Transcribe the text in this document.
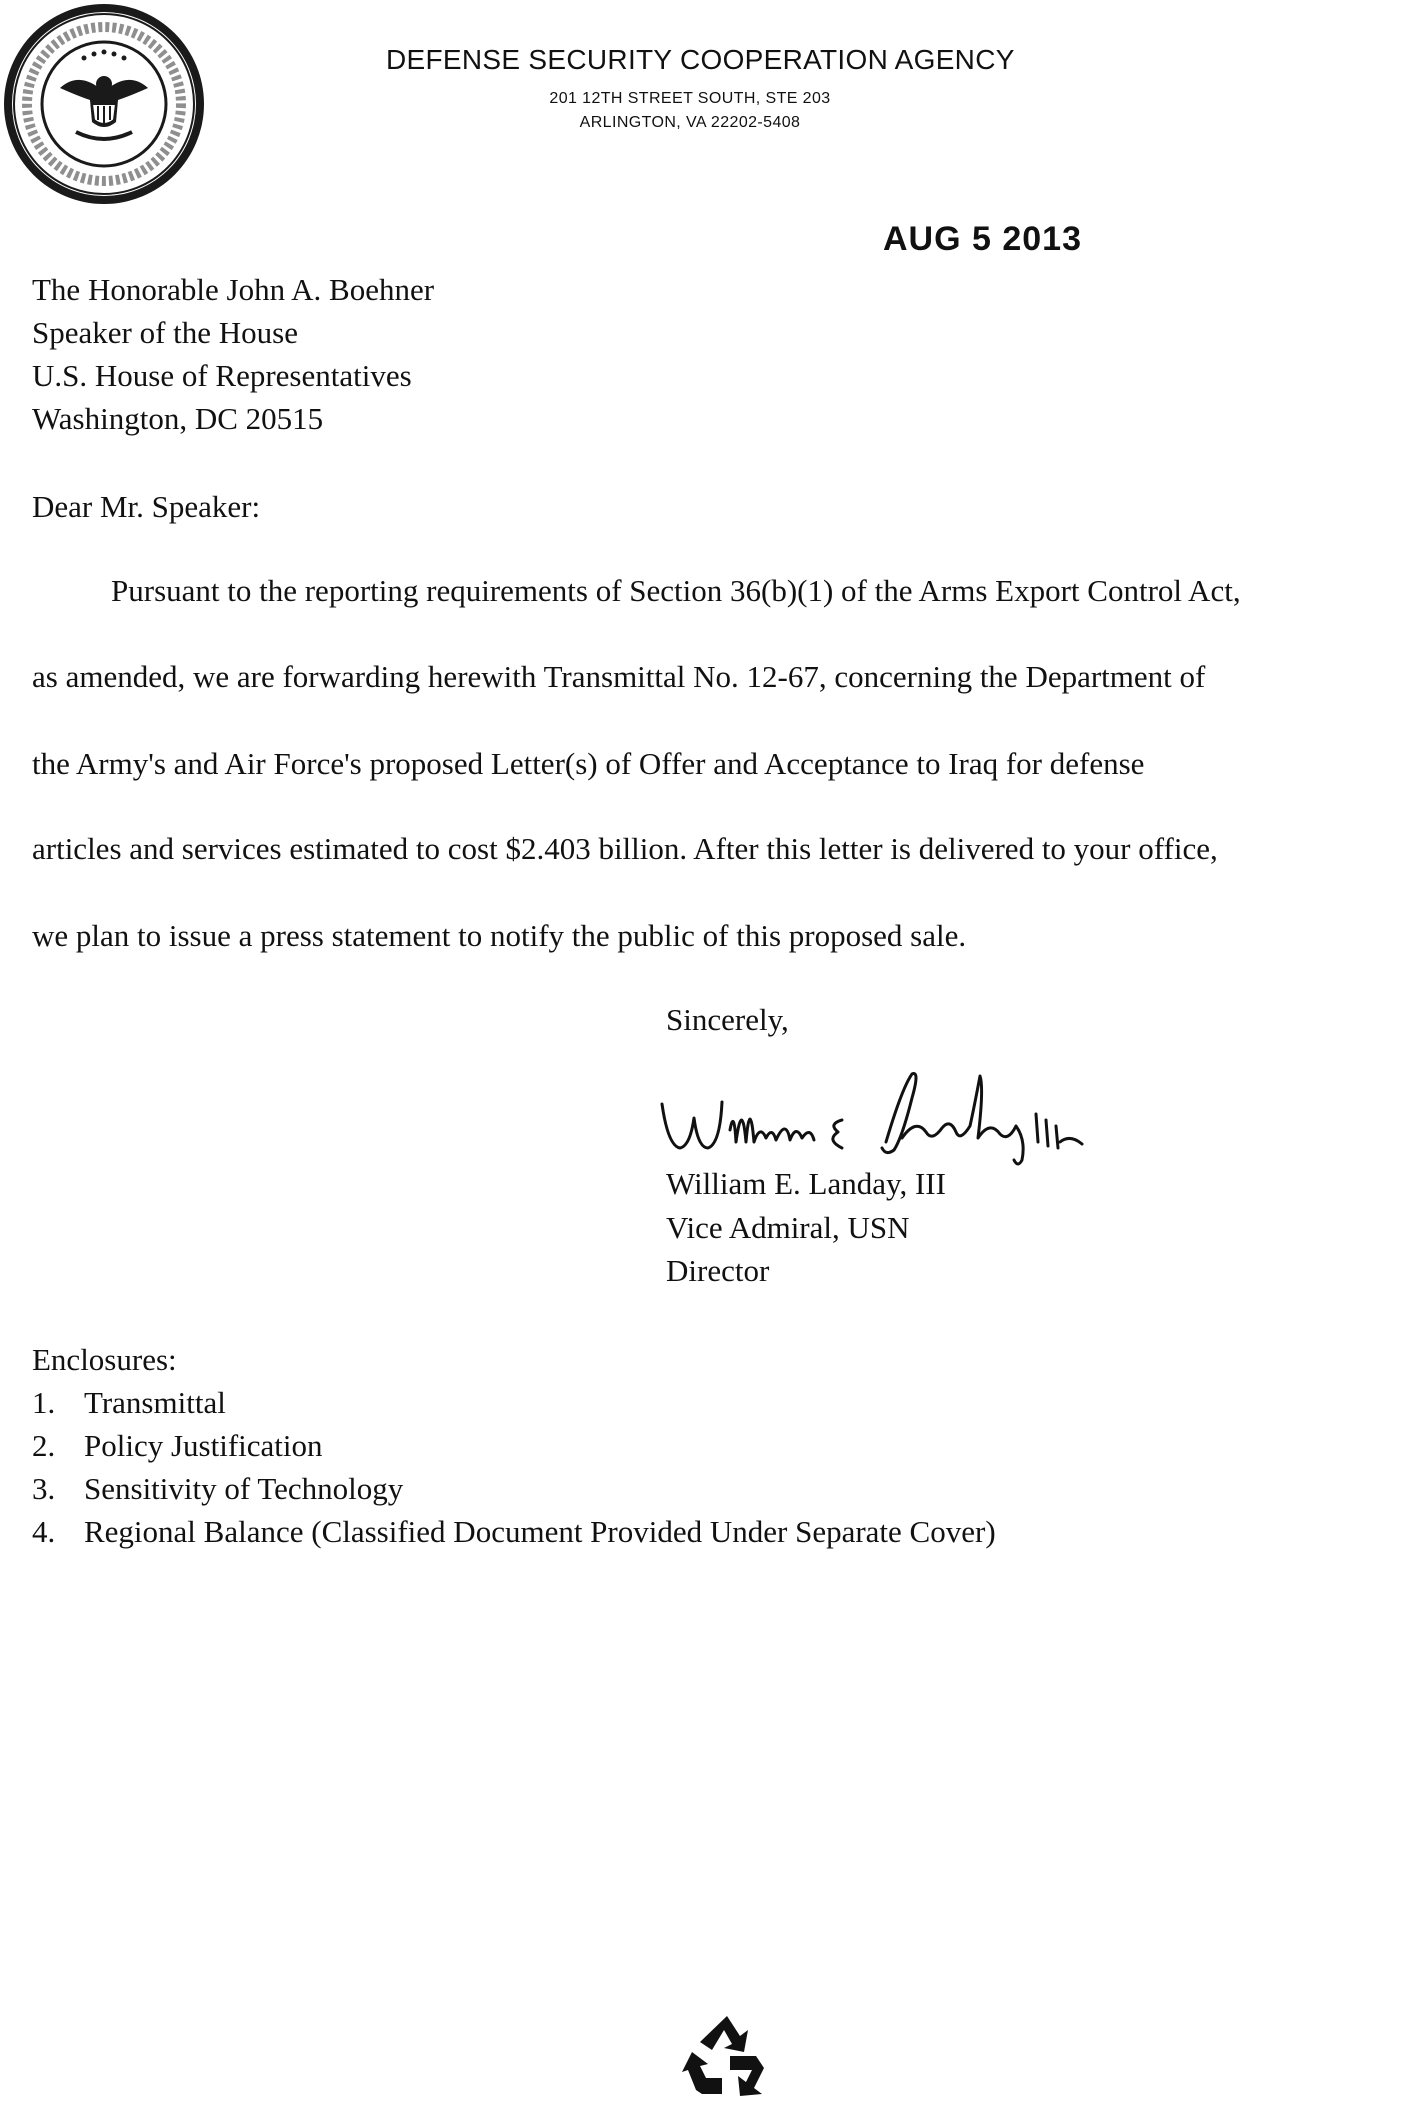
DEFENSE SECURITY COOPERATION AGENCY
201 12TH STREET SOUTH, STE 203
ARLINGTON, VA 22202-5408
AUG 5 2013
The Honorable John A. Boehner
Speaker of the House
U.S. House of Representatives
Washington, DC 20515
Dear Mr. Speaker:
Pursuant to the reporting requirements of Section 36(b)(1) of the Arms Export Control Act,
as amended, we are forwarding herewith Transmittal No. 12-67, concerning the Department of
the Army's and Air Force's proposed Letter(s) of Offer and Acceptance to Iraq for defense
articles and services estimated to cost $2.403 billion. After this letter is delivered to your office,
we plan to issue a press statement to notify the public of this proposed sale.
Sincerely,
William E. Landay, III
Vice Admiral, USN
Director
Enclosures:
1. Transmittal
2. Policy Justification
3. Sensitivity of Technology
4. Regional Balance (Classified Document Provided Under Separate Cover)
